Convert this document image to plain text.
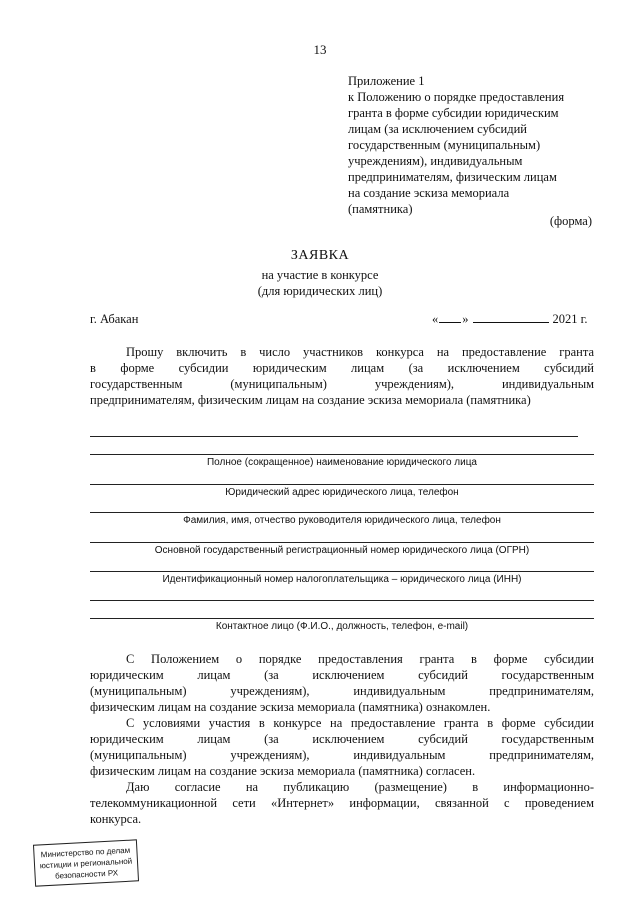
13
Приложение 1
к Положению о порядке предоставления
гранта в форме субсидии юридическим
лицам (за исключением субсидий
государственным (муниципальным)
учреждениям), индивидуальным
предпринимателям, физическим лицам
на создание эскиза мемориала
(памятника)
(форма)
ЗАЯВКА
на участие в конкурсе
(для юридических лиц)
г. Абакан	« »	2021 г.
Прошу включить в число участников конкурса на предоставление гранта
в форме субсидии юридическим лицам (за исключением субсидий
государственным (муниципальным) учреждениям), индивидуальным
предпринимателям, физическим лицам на создание эскиза мемориала (памятника)
Полное (сокращенное) наименование юридического лица
Юридический адрес юридического лица, телефон
Фамилия, имя, отчество руководителя юридического лица, телефон
Основной государственный регистрационный номер юридического лица (ОГРН)
Идентификационный номер налогоплательщика – юридического лица (ИНН)
Контактное лицо (Ф.И.О., должность, телефон, e-mail)
С Положением о порядке предоставления гранта в форме субсидии
юридическим лицам (за исключением субсидий государственным
(муниципальным) учреждениям), индивидуальным предпринимателям,
физическим лицам на создание эскиза мемориала (памятника) ознакомлен.
С условиями участия в конкурсе на предоставление гранта в форме субсидии
юридическим лицам (за исключением субсидий государственным
(муниципальным) учреждениям), индивидуальным предпринимателям,
физическим лицам на создание эскиза мемориала (памятника) согласен.
Даю согласие на публикацию (размещение) в информационно-
телекоммуникационной сети «Интернет» информации, связанной с проведением
конкурса.
Министерство по делам
юстиции и региональной
безопасности РХ
